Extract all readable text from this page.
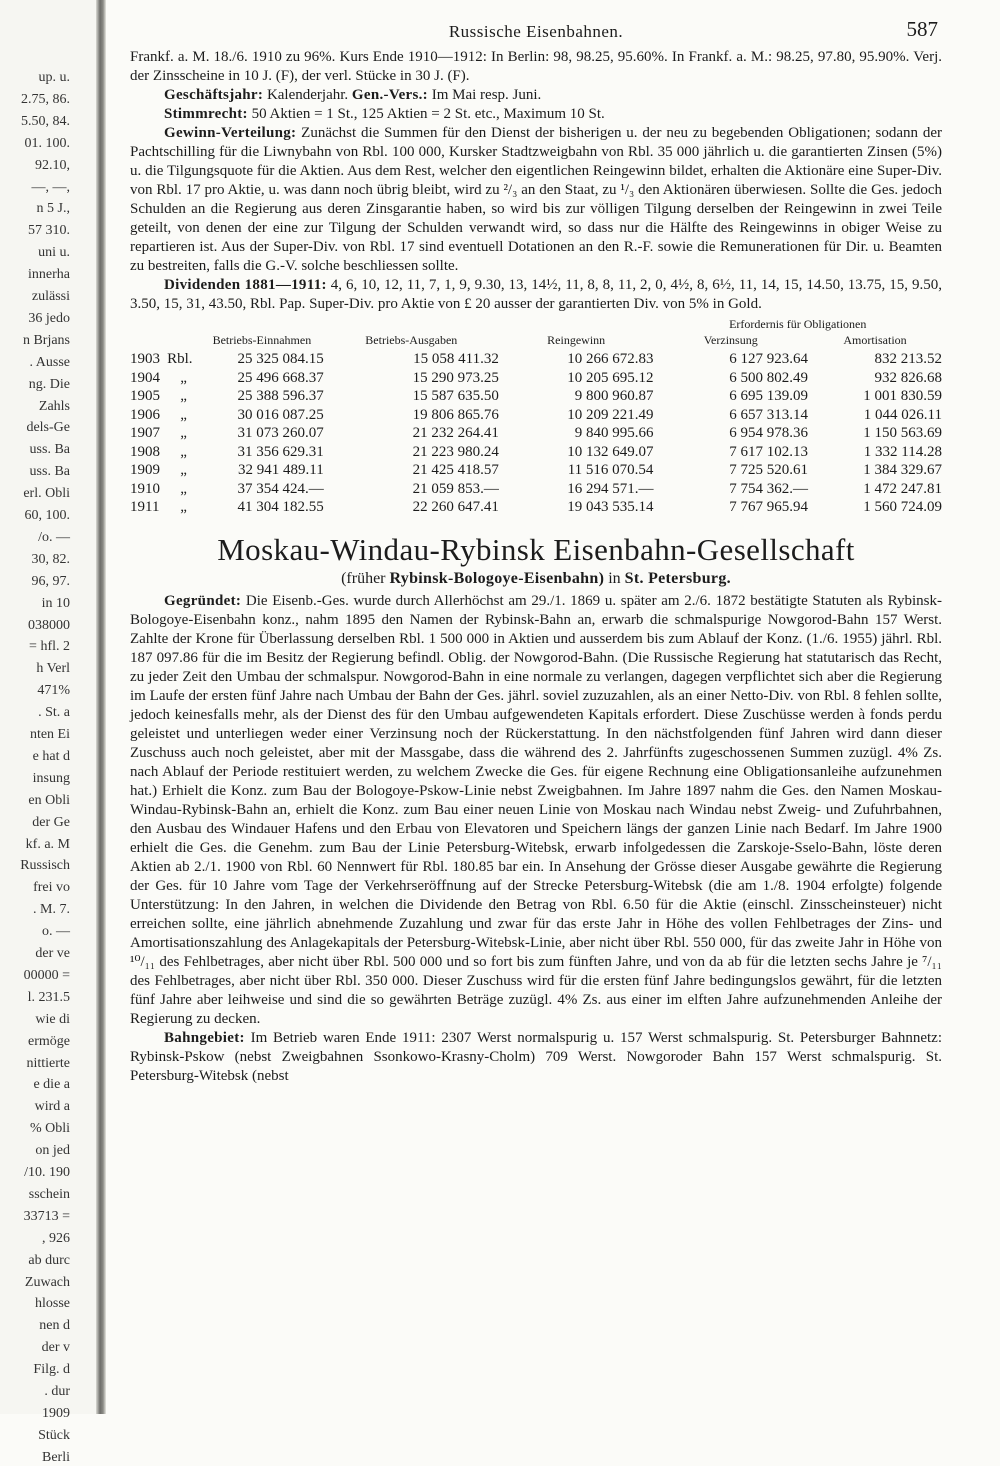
up. u.
2.75, 86.
5.50, 84.
01. 100.
92.10,
—, —,
n 5 J.,
57 310.
uni u.
innerha
zulässi
36 jedo
n Brjans
. Ausse
ng. Die
Zahls
dels-Ge
uss. Ba
uss. Ba
erl. Obli
60, 100.
/o. —
30, 82.
96, 97.
in 10
038000
= hfl. 2
h Verl
471%
. St. a
nten Ei
e hat d
insung
en Obli
der Ge
kf. a. M
Russisch
frei vo
. M. 7.
o. —
der ve
00000 =
l. 231.5
wie di
ermöge
nittierte
e die a
wird a
% Obli
on jed
/10. 190
sschein
33713 =
, 926
ab durc
Zuwach
hlosse
nen d
der v
Filg. d
. dur
1909
Stück
Berli
Russische Eisenbahnen.	587

Frankf. a. M. 18./6. 1910 zu 96%. Kurs Ende 1910—1912: In Berlin: 98, 98.25, 95.60%. In Frankf. a. M.: 98.25, 97.80, 95.90%. Verj. der Zinsscheine in 10 J. (F), der verl. Stücke in 30 J. (F).

Geschäftsjahr: Kalenderjahr. Gen.-Vers.: Im Mai resp. Juni.

Stimmrecht: 50 Aktien = 1 St., 125 Aktien = 2 St. etc., Maximum 10 St.

Gewinn-Verteilung: Zunächst die Summen für den Dienst der bisherigen u. der neu zu begebenden Obligationen; sodann der Pachtschilling für die Liwnybahn von Rbl. 100 000, Kursker Stadtzweigbahn von Rbl. 35 000 jährlich u. die garantierten Zinsen (5%) u. die Tilgungsquote für die Aktien. Aus dem Rest, welcher den eigentlichen Reingewinn bildet, erhalten die Aktionäre eine Super-Div. von Rbl. 17 pro Aktie, u. was dann noch übrig bleibt, wird zu ²/₃ an den Staat, zu ¹/₃ den Aktionären überwiesen. Sollte die Ges. jedoch Schulden an die Regierung aus deren Zinsgarantie haben, so wird bis zur völligen Tilgung derselben der Reingewinn in zwei Teile geteilt, von denen der eine zur Tilgung der Schulden verwandt wird, so dass nur die Hälfte des Reingewinns in obiger Weise zu repartieren ist. Aus der Super-Div. von Rbl. 17 sind eventuell Dotationen an den R.-F. sowie die Remunerationen für Dir. u. Beamten zu bestreiten, falls die G.-V. solche beschliessen sollte.

Dividenden 1881—1911: 4, 6, 10, 12, 11, 7, 1, 9, 9.30, 13, 14½, 11, 8, 8, 11, 2, 0, 4½, 8, 6½, 11, 14, 15, 14.50, 13.75, 15, 9.50, 3.50, 15, 31, 43.50, Rbl. Pap. Super-Div. pro Aktie von £ 20 ausser der garantierten Div. von 5% in Gold.

		Betriebs-Einnahmen	Betriebs-Ausgaben	Reingewinn	Erfordernis für Obligationen	
					Verzinsung	Amortisation
1903	Rbl.	25 325 084.15	15 058 411.32	10 266 672.83	6 127 923.64	832 213.52
1904	„	25 496 668.37	15 290 973.25	10 205 695.12	6 500 802.49	932 826.68
1905	„	25 388 596.37	15 587 635.50	9 800 960.87	6 695 139.09	1 001 830.59
1906	„	30 016 087.25	19 806 865.76	10 209 221.49	6 657 313.14	1 044 026.11
1907	„	31 073 260.07	21 232 264.41	9 840 995.66	6 954 978.36	1 150 563.69
1908	„	31 356 629.31	21 223 980.24	10 132 649.07	7 617 102.13	1 332 114.28
1909	„	32 941 489.11	21 425 418.57	11 516 070.54	7 725 520.61	1 384 329.67
1910	„	37 354 424.—	21 059 853.—	16 294 571.—	7 754 362.—	1 472 247.81
1911	„	41 304 182.55	22 260 647.41	19 043 535.14	7 767 965.94	1 560 724.09
Moskau-Windau-Rybinsk Eisenbahn-Gesellschaft
(früher Rybinsk-Bologoye-Eisenbahn) in St. Petersburg.

Gegründet: Die Eisenb.-Ges. wurde durch Allerhöchst am 29./1. 1869 u. später am 2./6. 1872 bestätigte Statuten als Rybinsk-Bologoye-Eisenbahn konz., nahm 1895 den Namen der Rybinsk-Bahn an, erwarb die schmalspurige Nowgorod-Bahn 157 Werst. Zahlte der Krone für Überlassung derselben Rbl. 1 500 000 in Aktien und ausserdem bis zum Ablauf der Konz. (1./6. 1955) jährl. Rbl. 187 097.86 für die im Besitz der Regierung befindl. Oblig. der Nowgorod-Bahn. (Die Russische Regierung hat statutarisch das Recht, zu jeder Zeit den Umbau der schmalspur. Nowgorod-Bahn in eine normale zu verlangen, dagegen verpflichtet sich aber die Regierung im Laufe der ersten fünf Jahre nach Umbau der Bahn der Ges. jährl. soviel zuzuzahlen, als an einer Netto-Div. von Rbl. 8 fehlen sollte, jedoch keinesfalls mehr, als der Dienst des für den Umbau aufgewendeten Kapitals erfordert. Diese Zuschüsse werden à fonds perdu geleistet und unterliegen weder einer Verzinsung noch der Rückerstattung. In den nächstfolgenden fünf Jahren wird dann dieser Zuschuss auch noch geleistet, aber mit der Massgabe, dass die während des 2. Jahrfünfts zugeschossenen Summen zuzügl. 4% Zs. nach Ablauf der Periode restituiert werden, zu welchem Zwecke die Ges. für eigene Rechnung eine Obligationsanleihe aufzunehmen hat.) Erhielt die Konz. zum Bau der Bologoye-Pskow-Linie nebst Zweigbahnen. Im Jahre 1897 nahm die Ges. den Namen Moskau-Windau-Rybinsk-Bahn an, erhielt die Konz. zum Bau einer neuen Linie von Moskau nach Windau nebst Zweig- und Zufuhrbahnen, den Ausbau des Windauer Hafens und den Erbau von Elevatoren und Speichern längs der ganzen Linie nach Bedarf. Im Jahre 1900 erhielt die Ges. die Genehm. zum Bau der Linie Petersburg-Witebsk, erwarb infolgedessen die Zarskoje-Sselo-Bahn, löste deren Aktien ab 2./1. 1900 von Rbl. 60 Nennwert für Rbl. 180.85 bar ein. In Ansehung der Grösse dieser Ausgabe gewährte die Regierung der Ges. für 10 Jahre vom Tage der Verkehrseröffnung auf der Strecke Petersburg-Witebsk (die am 1./8. 1904 erfolgte) folgende Unterstützung: In den Jahren, in welchen die Dividende den Betrag von Rbl. 6.50 für die Aktie (einschl. Zinsscheinsteuer) nicht erreichen sollte, eine jährlich abnehmende Zuzahlung und zwar für das erste Jahr in Höhe des vollen Fehlbetrages der Zins- und Amortisationszahlung des Anlagekapitals der Petersburg-Witebsk-Linie, aber nicht über Rbl. 550 000, für das zweite Jahr in Höhe von ¹⁰/₁₁ des Fehlbetrages, aber nicht über Rbl. 500 000 und so fort bis zum fünften Jahre, und von da ab für die letzten sechs Jahre je ⁷/₁₁ des Fehlbetrages, aber nicht über Rbl. 350 000. Dieser Zuschuss wird für die ersten fünf Jahre bedingungslos gewährt, für die letzten fünf Jahre aber leihweise und sind die so gewährten Beträge zuzügl. 4% Zs. aus einer im elften Jahre aufzunehmenden Anleihe der Regierung zu decken.

Bahngebiet: Im Betrieb waren Ende 1911: 2307 Werst normalspurig u. 157 Werst schmalspurig. St. Petersburger Bahnnetz: Rybinsk-Pskow (nebst Zweigbahnen Ssonkowo-Krasny-Cholm) 709 Werst. Nowgoroder Bahn 157 Werst schmalspurig. St. Petersburg-Witebsk (nebst
